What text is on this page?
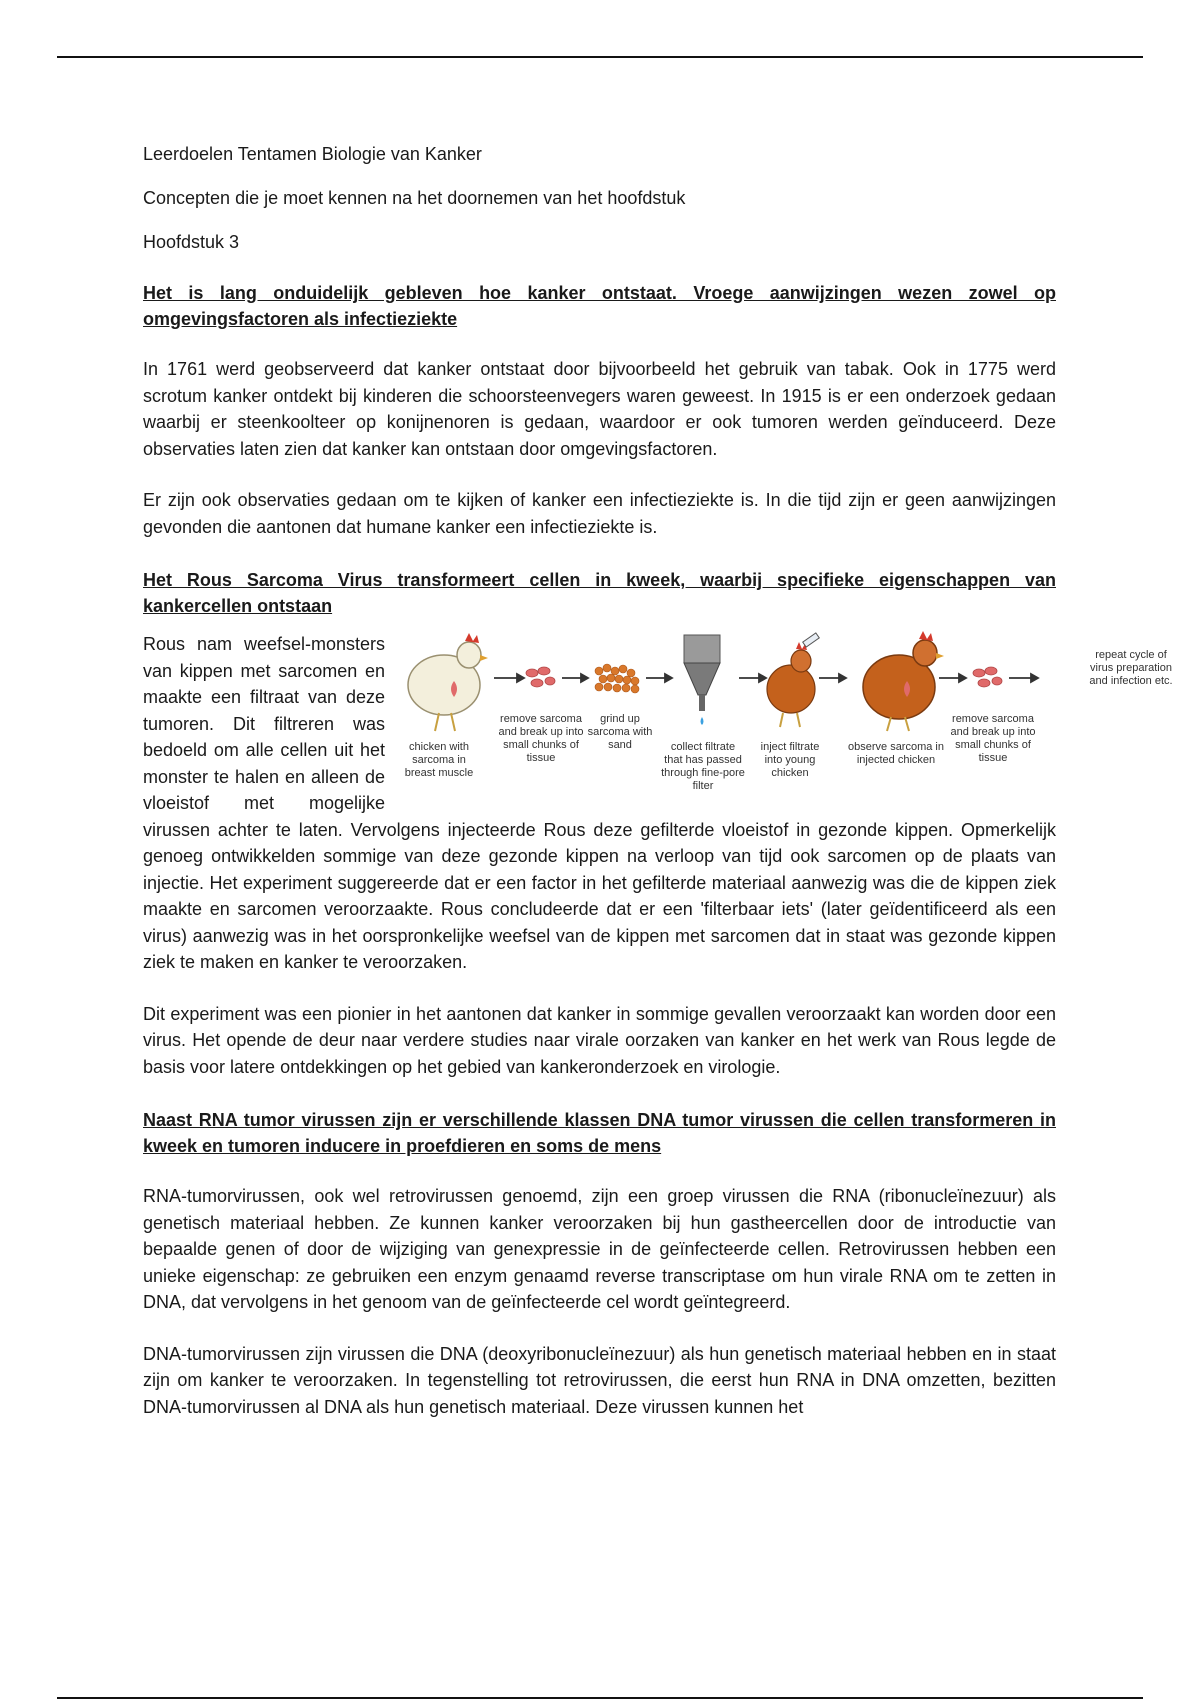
Leerdoelen Tentamen Biologie van Kanker
Concepten die je moet kennen na het doornemen van het hoofdstuk
Hoofdstuk 3
Het is lang onduidelijk gebleven hoe kanker ontstaat. Vroege aanwijzingen wezen zowel op omgevingsfactoren als infectieziekte
In 1761 werd geobserveerd dat kanker ontstaat door bijvoorbeeld het gebruik van tabak. Ook in 1775 werd scrotum kanker ontdekt bij kinderen die schoorsteenvegers waren geweest. In 1915 is er een onderzoek gedaan waarbij er steenkoolteer op konijnenoren is gedaan, waardoor er ook tumoren werden geïnduceerd. Deze observaties laten zien dat kanker kan ontstaan door omgevingsfactoren.
Er zijn ook observaties gedaan om te kijken of kanker een infectieziekte is. In die tijd zijn er geen aanwijzingen gevonden die aantonen dat humane kanker een infectieziekte is.
Het Rous Sarcoma Virus transformeert cellen in kweek, waarbij specifieke eigenschappen van kankercellen ontstaan
chicken with sarcoma in breast muscle
remove sarcoma and break up into small chunks of tissue
grind up sarcoma with sand	collect filtrate that has passed through fine-pore filter
inject filtrate into young chicken
observe sarcoma in injected chicken
remove sarcoma and break up into small chunks of tissue
repeat cycle of virus preparation and infection etc.
Rous nam weefsel-monsters van kippen met sarcomen en maakte een filtraat van deze tumoren. Dit filtreren was bedoeld om alle cellen uit het monster te halen en alleen de vloeistof met mogelijke virussen achter te laten. Vervolgens injecteerde Rous deze gefilterde vloeistof in gezonde kippen. Opmerkelijk genoeg ontwikkelden sommige van deze gezonde kippen na verloop van tijd ook sarcomen op de plaats van injectie. Het experiment suggereerde dat er een factor in het gefilterde materiaal aanwezig was die de kippen ziek maakte en sarcomen veroorzaakte. Rous concludeerde dat er een 'filterbaar iets' (later geïdentificeerd als een virus) aanwezig was in het oorspronkelijke weefsel van de kippen met sarcomen dat in staat was gezonde kippen ziek te maken en kanker te veroorzaken.
Dit experiment was een pionier in het aantonen dat kanker in sommige gevallen veroorzaakt kan worden door een virus. Het opende de deur naar verdere studies naar virale oorzaken van kanker en het werk van Rous legde de basis voor latere ontdekkingen op het gebied van kankeronderzoek en virologie.
Naast RNA tumor virussen zijn er verschillende klassen DNA tumor virussen die cellen transformeren in kweek en tumoren inducere in proefdieren en soms de mens
RNA-tumorvirussen, ook wel retrovirussen genoemd, zijn een groep virussen die RNA (ribonucleïnezuur) als genetisch materiaal hebben. Ze kunnen kanker veroorzaken bij hun gastheercellen door de introductie van bepaalde genen of door de wijziging van genexpressie in de geïnfecteerde cellen. Retrovirussen hebben een unieke eigenschap: ze gebruiken een enzym genaamd reverse transcriptase om hun virale RNA om te zetten in DNA, dat vervolgens in het genoom van de geïnfecteerde cel wordt geïntegreerd.
DNA-tumorvirussen zijn virussen die DNA (deoxyribonucleïnezuur) als hun genetisch materiaal hebben en in staat zijn om kanker te veroorzaken. In tegenstelling tot retrovirussen, die eerst hun RNA in DNA omzetten, bezitten DNA-tumorvirussen al DNA als hun genetisch materiaal. Deze virussen kunnen het
